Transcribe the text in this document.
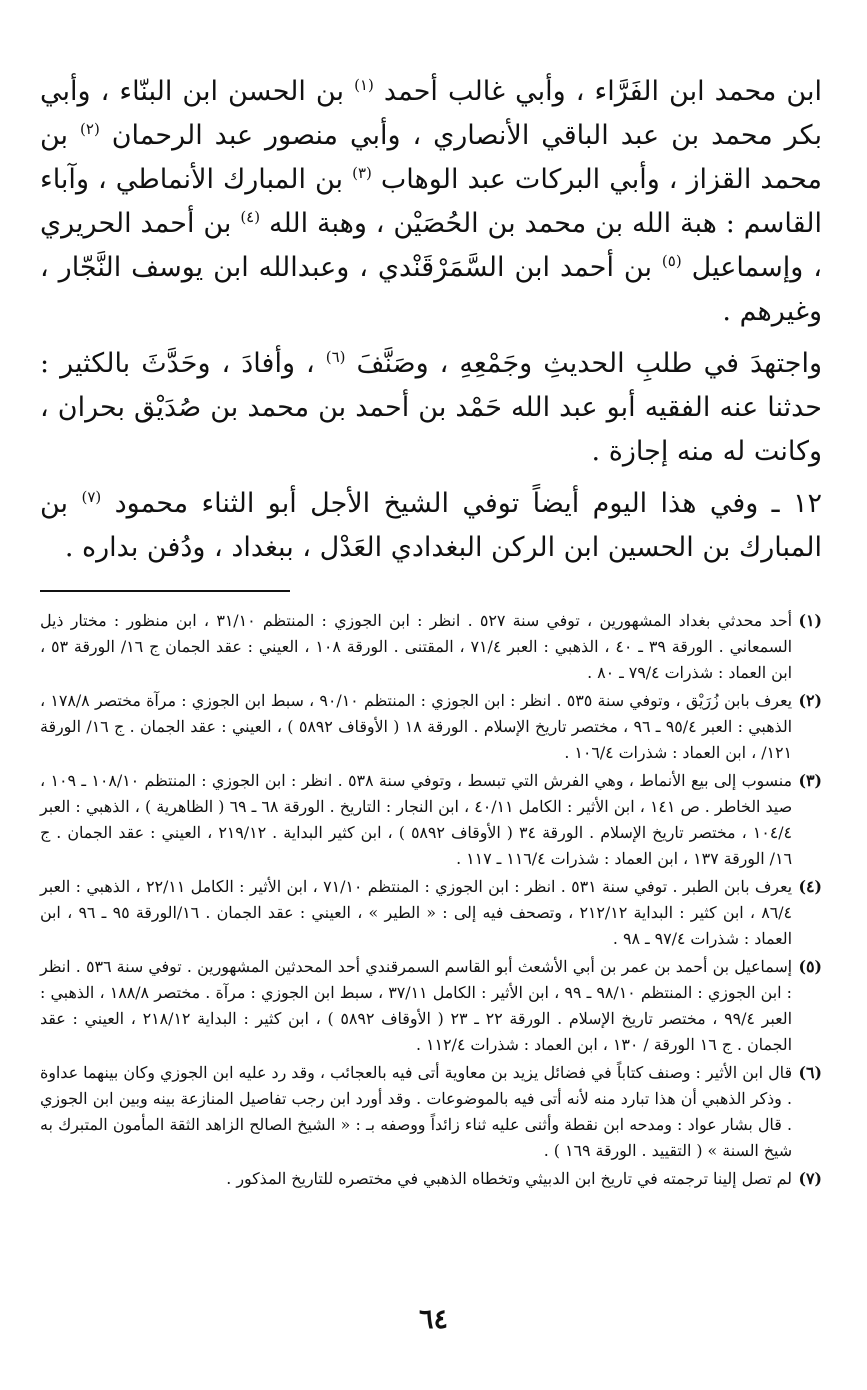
ابن محمد ابن الفَرَّاء ، وأبي غالب أحمد $^{(١)}$ بن الحسن ابن البنّاء ، وأبي بكر محمد بن عبد الباقي الأنصاري ، وأبي منصور عبد الرحمان $^{(٢)}$ بن محمد القزاز ، وأبي البركات عبد الوهاب $^{(٣)}$ بن المبارك الأنماطي ، وآباء القاسم : هبة الله بن محمد بن الحُصَيْن ، وهبة الله $^{(٤)}$ بن أحمد الحريري ، وإسماعيل $^{(٥)}$ بن أحمد ابن السَّمَرْقَنْدي ، وعبدالله ابن يوسف النَّجّار ، وغيرهم .

واجتهدَ في طلبِ الحديثِ وجَمْعِهِ ، وصَنَّفَ $^{(٦)}$ ، وأفادَ ، وحَدَّثَ بالكثير : حدثنا عنه الفقيه أبو عبد الله حَمْد بن أحمد بن محمد بن صُدَيْق بحران ، وكانت له منه إجازة .

١٢ ـ وفي هذا اليوم أيضاً توفي الشيخ الأجل أبو الثناء محمود $^{(٧)}$ بن المبارك بن الحسين ابن الركن البغدادي العَدْل ، ببغداد ، ودُفن بداره .

(١)
أحد محدثي بغداد المشهورين ، توفي سنة ٥٢٧ . انظر : ابن الجوزي : المنتظم ٣١/١٠ ، ابن منظور : مختار ذيل السمعاني . الورقة ٣٩ ـ ٤٠ ، الذهبي : العبر ٧١/٤ ، المقتنى . الورقة ١٠٨ ، العيني : عقد الجمان ج ١٦/ الورقة ٥٣ ، ابن العماد : شذرات ٧٩/٤ ـ ٨٠ .
(٢)
يعرف بابن زُرَيْق ، وتوفي سنة ٥٣٥ . انظر : ابن الجوزي : المنتظم ٩٠/١٠ ، سبط ابن الجوزي : مرآة مختصر ١٧٨/٨ ، الذهبي : العبر ٩٥/٤ ـ ٩٦ ، مختصر تاريخ الإسلام . الورقة ١٨ ( الأوقاف ٥٨٩٢ ) ، العيني : عقد الجمان . ج ١٦/ الورقة ١٢١/ ، ابن العماد : شذرات ١٠٦/٤ .
(٣)
منسوب إلى بيع الأنماط ، وهي الفرش التي تبسط ، وتوفي سنة ٥٣٨ . انظر : ابن الجوزي : المنتظم ١٠٨/١٠ ـ ١٠٩ ، صيد الخاطر . ص ١٤١ ، ابن الأثير : الكامل ٤٠/١١ ، ابن النجار : التاريخ . الورقة ٦٨ ـ ٦٩ ( الظاهرية ) ، الذهبي : العبر ١٠٤/٤ ، مختصر تاريخ الإسلام . الورقة ٣٤ ( الأوقاف ٥٨٩٢ ) ، ابن كثير البداية . ٢١٩/١٢ ، العيني : عقد الجمان . ج ١٦/ الورقة ١٣٧ ، ابن العماد : شذرات ١١٦/٤ ـ ١١٧ .
(٤)
يعرف بابن الطبر . توفي سنة ٥٣١ . انظر : ابن الجوزي : المنتظم ٧١/١٠ ، ابن الأثير : الكامل ٢٢/١١ ، الذهبي : العبر ٨٦/٤ ، ابن كثير : البداية ٢١٢/١٢ ، وتصحف فيه إلى : « الطير » ، العيني : عقد الجمان . ١٦/الورقة ٩٥ ـ ٩٦ ، ابن العماد : شذرات ٩٧/٤ ـ ٩٨ .
(٥)
إسماعيل بن أحمد بن عمر بن أبي الأشعث أبو القاسم السمرقندي أحد المحدثين المشهورين . توفي سنة ٥٣٦ . انظر : ابن الجوزي : المنتظم ٩٨/١٠ ـ ٩٩ ، ابن الأثير : الكامل ٣٧/١١ ، سبط ابن الجوزي : مرآة . مختصر ١٨٨/٨ ، الذهبي : العبر ٩٩/٤ ، مختصر تاريخ الإسلام . الورقة ٢٢ ـ ٢٣ ( الأوقاف ٥٨٩٢ ) ، ابن كثير : البداية ٢١٨/١٢ ، العيني : عقد الجمان . ج ١٦ الورقة / ١٣٠ ، ابن العماد : شذرات ١١٢/٤ .
(٦)
قال ابن الأثير : وصنف كتاباً في فضائل يزيد بن معاوية أتى فيه بالعجائب ، وقد رد عليه ابن الجوزي وكان بينهما عداوة . وذكر الذهبي أن هذا تبارد منه لأنه أتى فيه بالموضوعات . وقد أورد ابن رجب تفاصيل المنازعة بينه وبين ابن الجوزي . قال بشار عواد : ومدحه ابن نقطة وأثنى عليه ثناء زائداً ووصفه بـ : « الشيخ الصالح الزاهد الثقة المأمون المتبرك به شيخ السنة » ( التقييد . الورقة ١٦٩ ) .
(٧)
لم تصل إلينا ترجمته في تاريخ ابن الدبيثي وتخطاه الذهبي في مختصره للتاريخ المذكور .
٦٤
